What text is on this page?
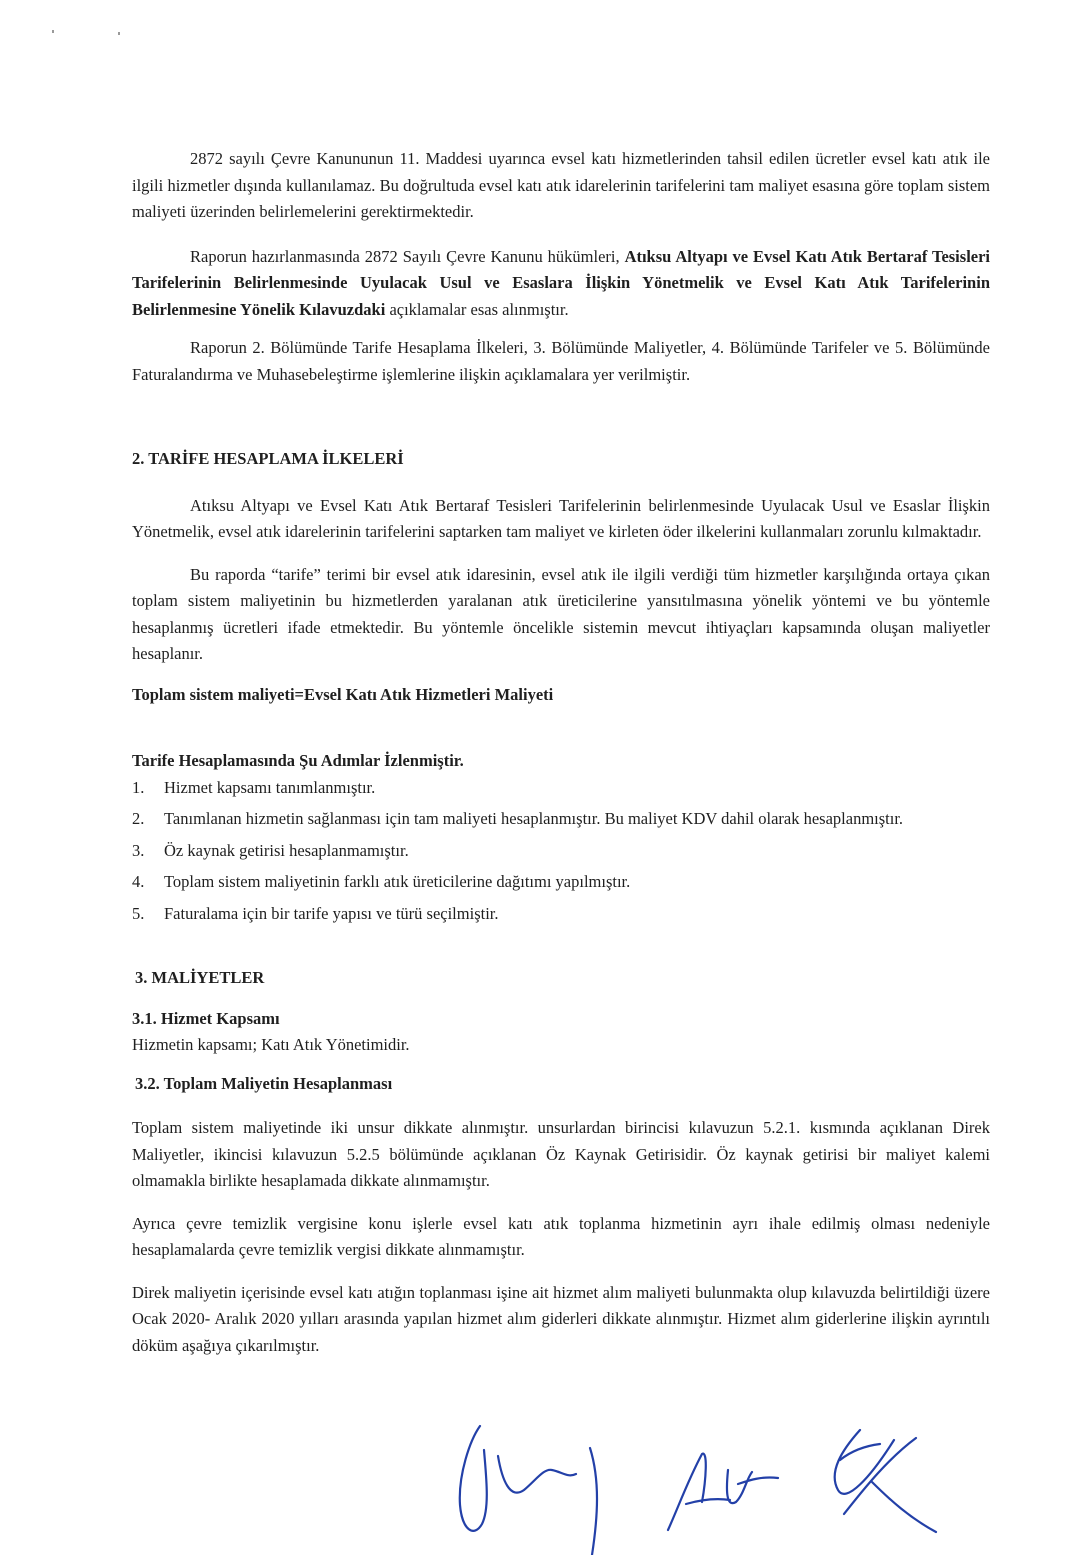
2872 sayılı Çevre Kanununun 11. Maddesi uyarınca evsel katı hizmetlerinden tahsil edilen ücretler evsel katı atık ile ilgili hizmetler dışında kullanılamaz. Bu doğrultuda evsel katı atık idarelerinin tarifelerini tam maliyet esasına göre toplam sistem maliyeti üzerinden belirlemelerini gerektirmektedir.

Raporun hazırlanmasında 2872 Sayılı Çevre Kanunu hükümleri, Atıksu Altyapı ve Evsel Katı Atık Bertaraf Tesisleri Tarifelerinin Belirlenmesinde Uyulacak Usul ve Esaslara İlişkin Yönetmelik ve Evsel Katı Atık Tarifelerinin Belirlenmesine Yönelik Kılavuzdaki açıklamalar esas alınmıştır.

Raporun 2. Bölümünde Tarife Hesaplama İlkeleri, 3. Bölümünde Maliyetler, 4. Bölümünde Tarifeler ve 5. Bölümünde Faturalandırma ve Muhasebeleştirme işlemlerine ilişkin açıklamalara yer verilmiştir.

2. TARİFE HESAPLAMA İLKELERİ

Atıksu Altyapı ve Evsel Katı Atık Bertaraf Tesisleri Tarifelerinin belirlenmesinde Uyulacak Usul ve Esaslar İlişkin Yönetmelik, evsel atık idarelerinin tarifelerini saptarken tam maliyet ve kirleten öder ilkelerini kullanmaları zorunlu kılmaktadır.

Bu raporda “tarife” terimi bir evsel atık idaresinin, evsel atık ile ilgili verdiği tüm hizmetler karşılığında ortaya çıkan toplam sistem maliyetinin bu hizmetlerden yaralanan atık üreticilerine yansıtılmasına yönelik yöntemi ve bu yöntemle hesaplanmış ücretleri ifade etmektedir. Bu yöntemle öncelikle sistemin mevcut ihtiyaçları kapsamında oluşan maliyetler hesaplanır.

Toplam sistem maliyeti=Evsel Katı Atık Hizmetleri Maliyeti

Tarife Hesaplamasında Şu Adımlar İzlenmiştir.

1. Hizmet kapsamı tanımlanmıştır.
2. Tanımlanan hizmetin sağlanması için tam maliyeti hesaplanmıştır. Bu maliyet KDV dahil olarak hesaplanmıştır.
3. Öz kaynak getirisi hesaplanmamıştır.
4. Toplam sistem maliyetinin farklı atık üreticilerine dağıtımı yapılmıştır.
5. Faturalama için bir tarife yapısı ve türü seçilmiştir.

3. MALİYETLER

3.1. Hizmet Kapsamı

Hizmetin kapsamı; Katı Atık Yönetimidir.

3.2. Toplam Maliyetin Hesaplanması

Toplam sistem maliyetinde iki unsur dikkate alınmıştır. unsurlardan birincisi kılavuzun 5.2.1. kısmında açıklanan Direk Maliyetler, ikincisi kılavuzun 5.2.5 bölümünde açıklanan Öz Kaynak Getirisidir. Öz kaynak getirisi bir maliyet kalemi olmamakla birlikte hesaplamada dikkate alınmamıştır.

Ayrıca çevre temizlik vergisine konu işlerle evsel katı atık toplanma hizmetinin ayrı ihale edilmiş olması nedeniyle hesaplamalarda çevre temizlik vergisi dikkate alınmamıştır.

Direk maliyetin içerisinde evsel katı atığın toplanması işine ait hizmet alım maliyeti bulunmakta olup kılavuzda belirtildiği üzere Ocak 2020- Aralık 2020 yılları arasında yapılan hizmet alım giderleri dikkate alınmıştır. Hizmet alım giderlerine ilişkin ayrıntılı döküm aşağıya çıkarılmıştır.
